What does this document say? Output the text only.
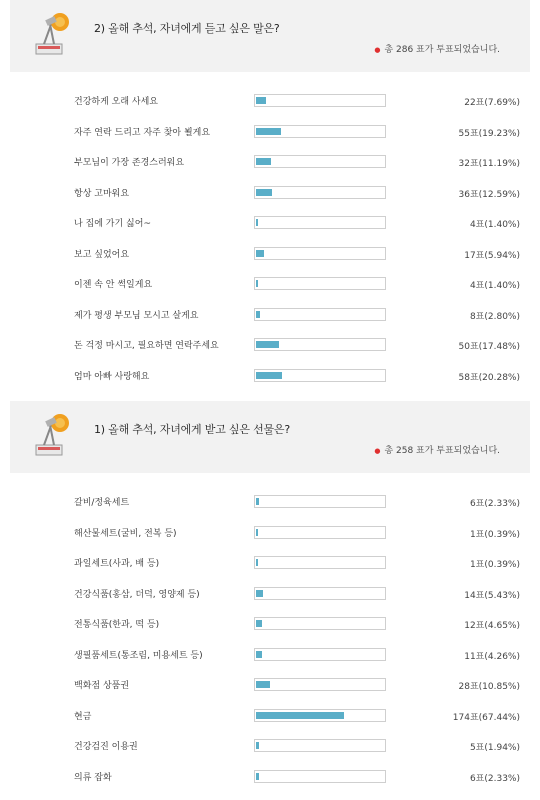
2) 올해 추석, 자녀에게 듣고 싶은 말은?
● 총 286 표가 투표되었습니다.
건강하게 오래 사세요	22표(7.69%)
자주 연락 드리고 자주 찾아 뵐게요	55표(19.23%)
부모님이 가장 존경스러워요	32표(11.19%)
항상 고마워요	36표(12.59%)
나 집에 가기 싫어~	4표(1.40%)
보고 싶었어요	17표(5.94%)
이젠 속 안 썩일게요	4표(1.40%)
제가 평생 부모님 모시고 살게요	8표(2.80%)
돈 걱정 마시고, 필요하면 연락주세요	50표(17.48%)
엄마 아빠 사랑해요	58표(20.28%)
1) 올해 추석, 자녀에게 받고 싶은 선물은?
● 총 258 표가 투표되었습니다.
갈비/정육세트	6표(2.33%)
해산물세트(굴비, 전복 등)	1표(0.39%)
과일세트(사과, 배 등)	1표(0.39%)
건강식품(홍삼, 더덕, 영양제 등)	14표(5.43%)
전통식품(한과, 떡 등)	12표(4.65%)
생필품세트(통조림, 미용세트 등)	11표(4.26%)
백화점 상품권	28표(10.85%)
현금	174표(67.44%)
건강검진 이용권	5표(1.94%)
의류 잡화	6표(2.33%)
